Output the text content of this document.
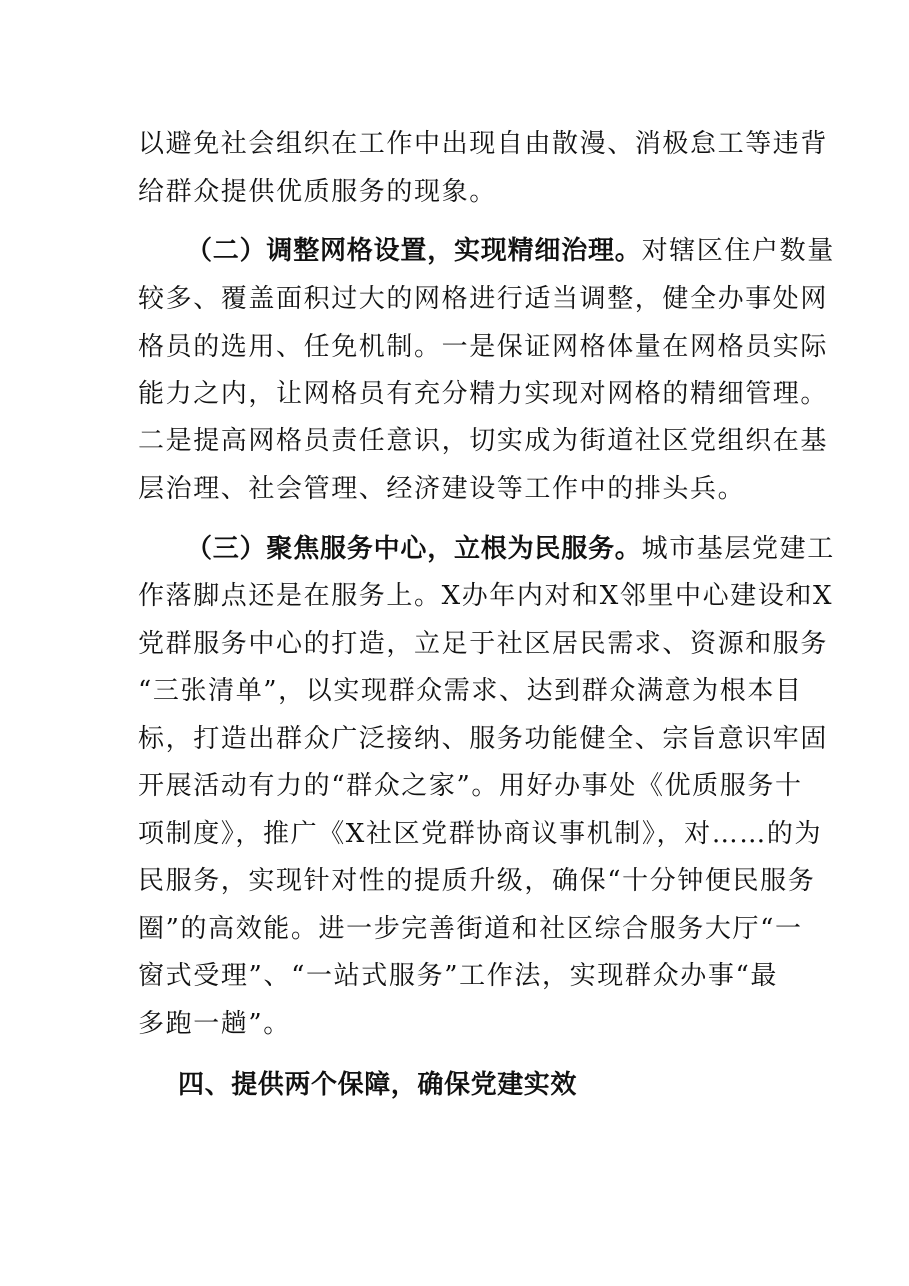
以避免社会组织在工作中出现自由散漫、消极怠工等违背
给群众提供优质服务的现象。
（二）调整网格设置，实现精细治理。对辖区住户数量
较多、覆盖面积过大的网格进行适当调整，健全办事处网
格员的选用、任免机制。一是保证网格体量在网格员实际
能力之内，让网格员有充分精力实现对网格的精细管理。
二是提高网格员责任意识，切实成为街道社区党组织在基
层治理、社会管理、经济建设等工作中的排头兵。
（三）聚焦服务中心，立根为民服务。城市基层党建工
作落脚点还是在服务上。X办年内对和X邻里中心建设和X
党群服务中心的打造，立足于社区居民需求、资源和服务
“三张清单”，以实现群众需求、达到群众满意为根本目
标，打造出群众广泛接纳、服务功能健全、宗旨意识牢固
开展活动有力的“群众之家”。用好办事处《优质服务十
项制度》，推广《X社区党群协商议事机制》，对……的为
民服务，实现针对性的提质升级，确保“十分钟便民服务
圈”的高效能。进一步完善街道和社区综合服务大厅“一
窗式受理”、“一站式服务”工作法，实现群众办事“最
多跑一趟”。
四、提供两个保障，确保党建实效
